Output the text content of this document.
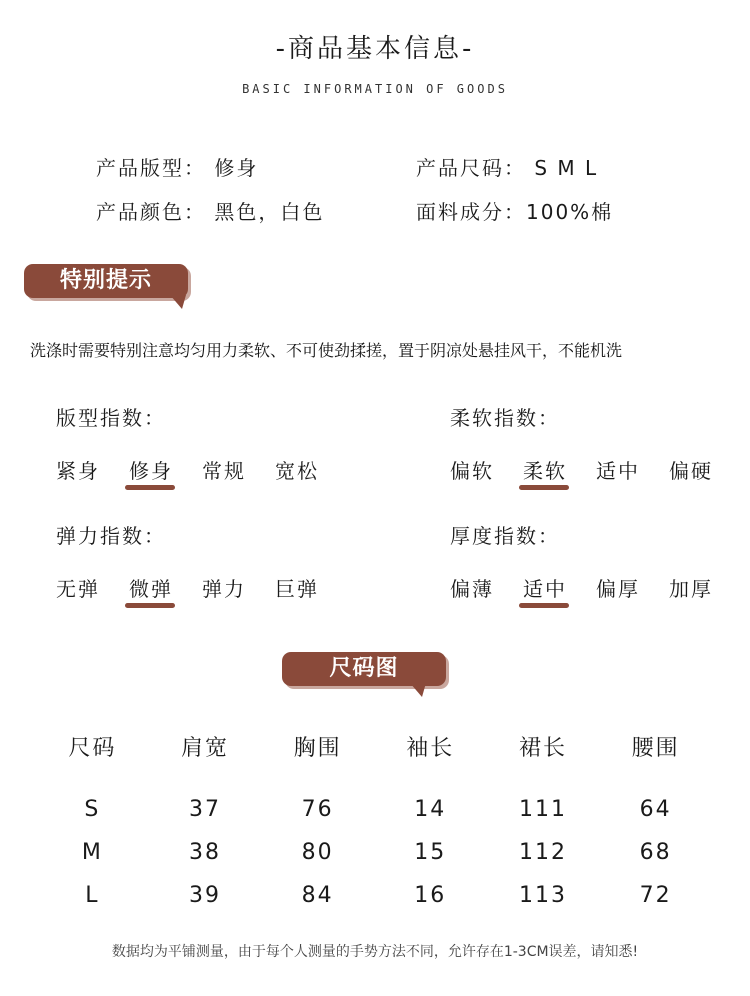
-商品基本信息-
BASIC INFORMATION OF GOODS
产品版型： 修身	产品尺码： S M L
产品颜色： 黑色，白色	面料成分：100%棉
特别提示
洗涤时需要特别注意均匀用力柔软、不可使劲揉搓，置于阴凉处悬挂风干，不能机洗
版型指数：
紧身	修身	常规	宽松
柔软指数：
偏软	柔软	适中	偏硬
弹力指数：
无弹	微弹	弹力	巨弹
厚度指数：
偏薄	适中	偏厚	加厚
尺码图
尺码	肩宽	胸围	袖长	裙长	腰围

S	37	76	14	111	64
M	38	80	15	112	68
L	39	84	16	113	72
数据均为平铺测量，由于每个人测量的手势方法不同，允许存在1-3CM误差，请知悉!
